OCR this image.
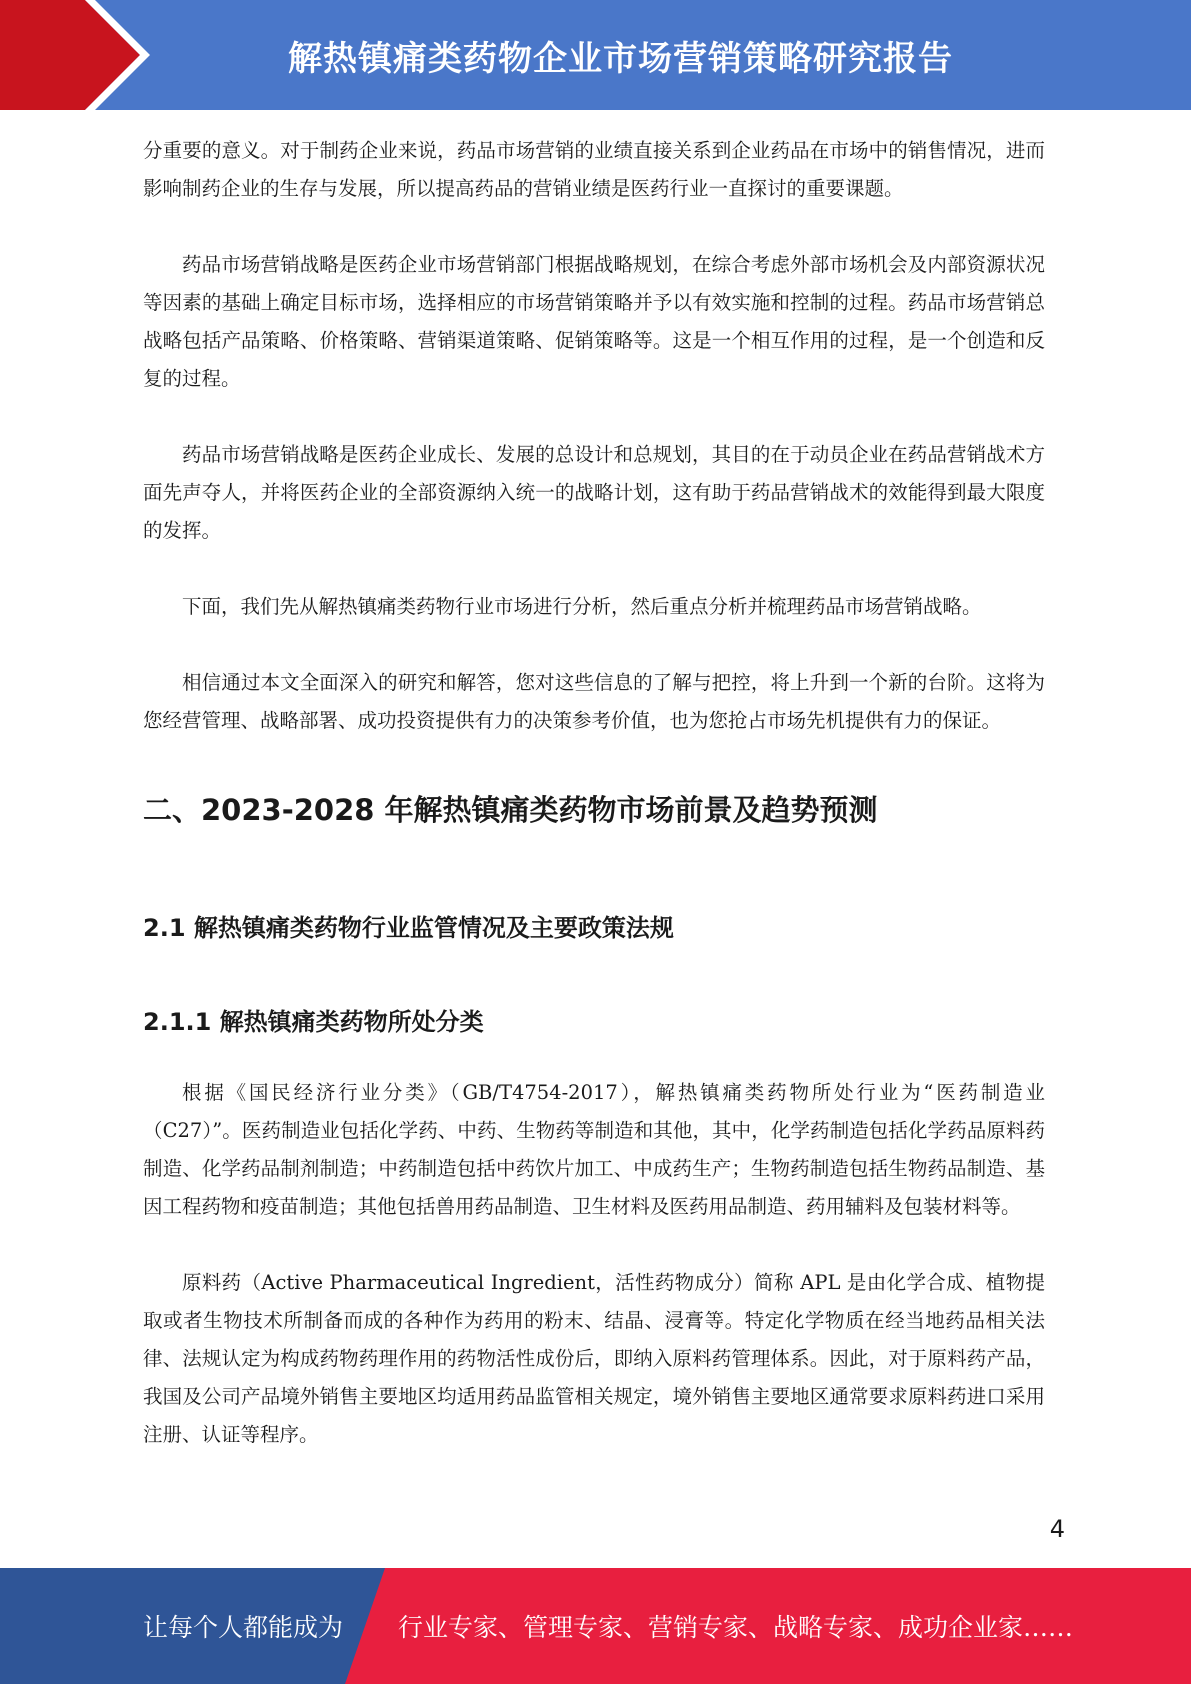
解热镇痛类药物企业市场营销策略研究报告

分重要的意义。对于制药企业来说，药品市场营销的业绩直接关系到企业药品在市场中的销售情况，进而影响制药企业的生存与发展，所以提高药品的营销业绩是医药行业一直探讨的重要课题。

药品市场营销战略是医药企业市场营销部门根据战略规划，在综合考虑外部市场机会及内部资源状况等因素的基础上确定目标市场，选择相应的市场营销策略并予以有效实施和控制的过程。药品市场营销总战略包括产品策略、价格策略、营销渠道策略、促销策略等。这是一个相互作用的过程，是一个创造和反复的过程。

药品市场营销战略是医药企业成长、发展的总设计和总规划，其目的在于动员企业在药品营销战术方面先声夺人，并将医药企业的全部资源纳入统一的战略计划，这有助于药品营销战术的效能得到最大限度的发挥。

下面，我们先从解热镇痛类药物行业市场进行分析，然后重点分析并梳理药品市场营销战略。

相信通过本文全面深入的研究和解答，您对这些信息的了解与把控，将上升到一个新的台阶。这将为您经营管理、战略部署、成功投资提供有力的决策参考价值，也为您抢占市场先机提供有力的保证。

二、2023-2028 年解热镇痛类药物市场前景及趋势预测
2.1 解热镇痛类药物行业监管情况及主要政策法规
2.1.1 解热镇痛类药物所处分类

根据《国民经济行业分类》（GB/T4754-2017），解热镇痛类药物所处行业为“医药制造业（C27）”。医药制造业包括化学药、中药、生物药等制造和其他，其中，化学药制造包括化学药品原料药制造、化学药品制剂制造；中药制造包括中药饮片加工、中成药生产；生物药制造包括生物药品制造、基因工程药物和疫苗制造；其他包括兽用药品制造、卫生材料及医药用品制造、药用辅料及包装材料等。

原料药（Active Pharmaceutical Ingredient，活性药物成分）简称 APL 是由化学合成、植物提取或者生物技术所制备而成的各种作为药用的粉末、结晶、浸膏等。特定化学物质在经当地药品相关法律、法规认定为构成药物药理作用的药物活性成份后，即纳入原料药管理体系。因此，对于原料药产品，我国及公司产品境外销售主要地区均适用药品监管相关规定，境外销售主要地区通常要求原料药进口采用注册、认证等程序。

4
让每个人都能成为 行业专家、管理专家、营销专家、战略专家、成功企业家……
